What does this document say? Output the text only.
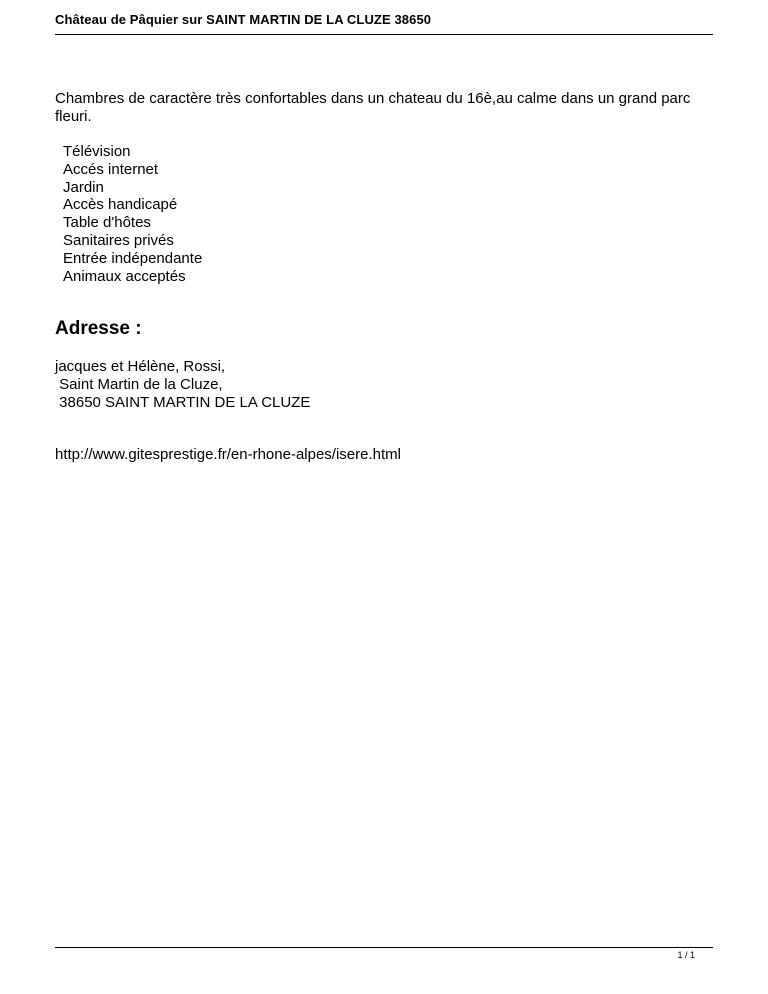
Château de Pâquier sur SAINT MARTIN DE LA CLUZE 38650
Chambres de caractère très confortables dans un chateau du 16è,au calme dans un grand parc fleuri.
Télévision
Accés internet
Jardin
Accès handicapé
Table d'hôtes
Sanitaires privés
Entrée indépendante
Animaux acceptés
Adresse :
jacques et Hélène, Rossi,
Saint Martin de la Cluze,
38650 SAINT MARTIN DE LA CLUZE
http://www.gitesprestige.fr/en-rhone-alpes/isere.html
1 / 1
